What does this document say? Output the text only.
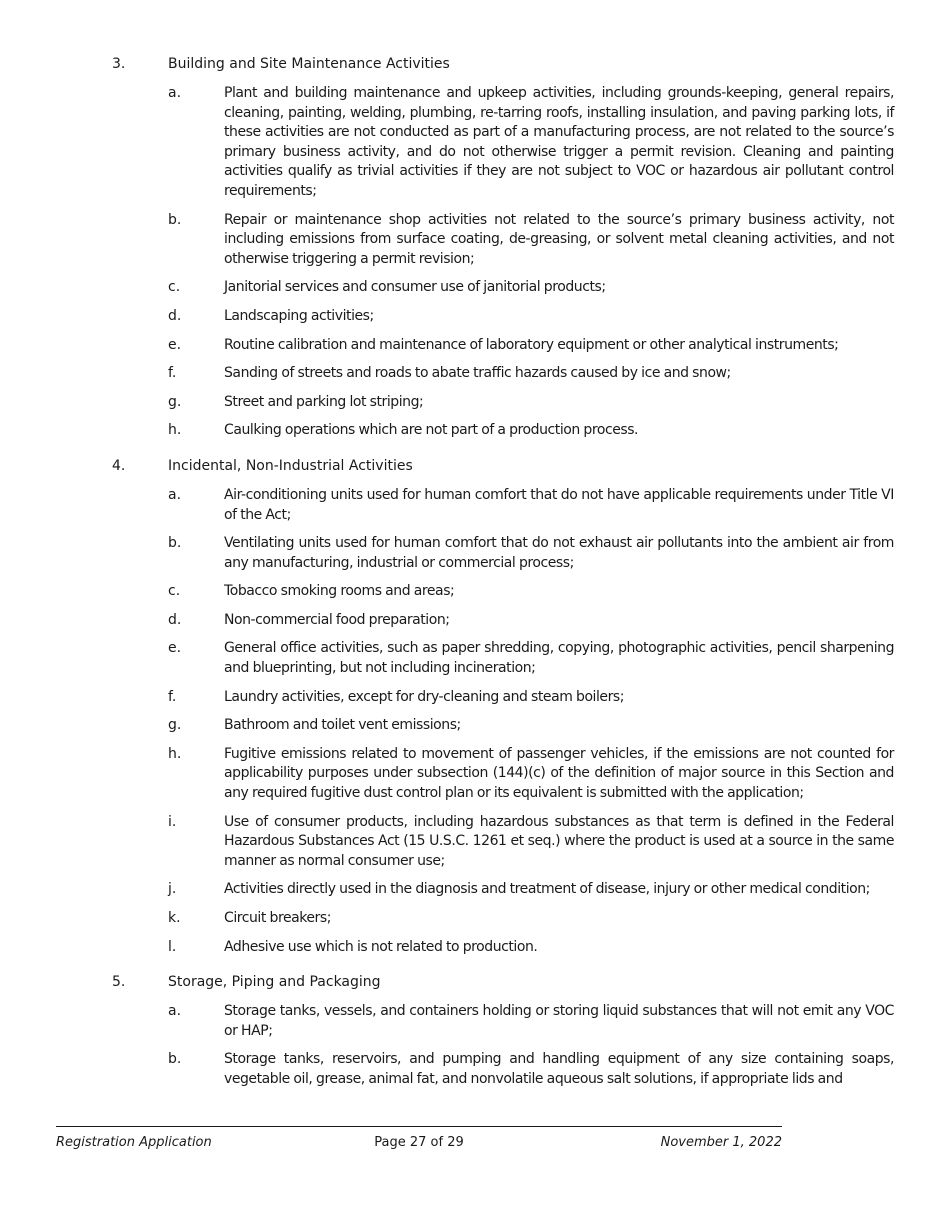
3.	Building and Site Maintenance Activities
a.	Plant and building maintenance and upkeep activities, including grounds-keeping, general repairs, cleaning, painting, welding, plumbing, re-tarring roofs, installing insulation, and paving parking lots, if these activities are not conducted as part of a manufacturing process, are not related to the source’s primary business activity, and do not otherwise trigger a permit revision. Cleaning and painting activities qualify as trivial activities if they are not subject to VOC or hazardous air pollutant control requirements;
b.	Repair or maintenance shop activities not related to the source’s primary business activity, not including emissions from surface coating, de-greasing, or solvent metal cleaning activities, and not otherwise triggering a permit revision;
c.	Janitorial services and consumer use of janitorial products;
d.	Landscaping activities;
e.	Routine calibration and maintenance of laboratory equipment or other analytical instruments;
f.	Sanding of streets and roads to abate traffic hazards caused by ice and snow;
g.	Street and parking lot striping;
h.	Caulking operations which are not part of a production process.
4.	Incidental, Non-Industrial Activities
a.	Air-conditioning units used for human comfort that do not have applicable requirements under Title VI of the Act;
b.	Ventilating units used for human comfort that do not exhaust air pollutants into the ambient air from any manufacturing, industrial or commercial process;
c.	Tobacco smoking rooms and areas;
d.	Non-commercial food preparation;
e.	General office activities, such as paper shredding, copying, photographic activities, pencil sharpening and blueprinting, but not including incineration;
f.	Laundry activities, except for dry-cleaning and steam boilers;
g.	Bathroom and toilet vent emissions;
h.	Fugitive emissions related to movement of passenger vehicles, if the emissions are not counted for applicability purposes under subsection (144)(c) of the definition of major source in this Section and any required fugitive dust control plan or its equivalent is submitted with the application;
i.	Use of consumer products, including hazardous substances as that term is defined in the Federal Hazardous Substances Act (15 U.S.C. 1261 et seq.) where the product is used at a source in the same manner as normal consumer use;
j.	Activities directly used in the diagnosis and treatment of disease, injury or other medical condition;
k.	Circuit breakers;
l.	Adhesive use which is not related to production.
5.	Storage, Piping and Packaging
a.	Storage tanks, vessels, and containers holding or storing liquid substances that will not emit any VOC or HAP;
b.	Storage tanks, reservoirs, and pumping and handling equipment of any size containing soaps, vegetable oil, grease, animal fat, and nonvolatile aqueous salt solutions, if appropriate lids and
Registration Application	Page 27 of 29	November 1, 2022
